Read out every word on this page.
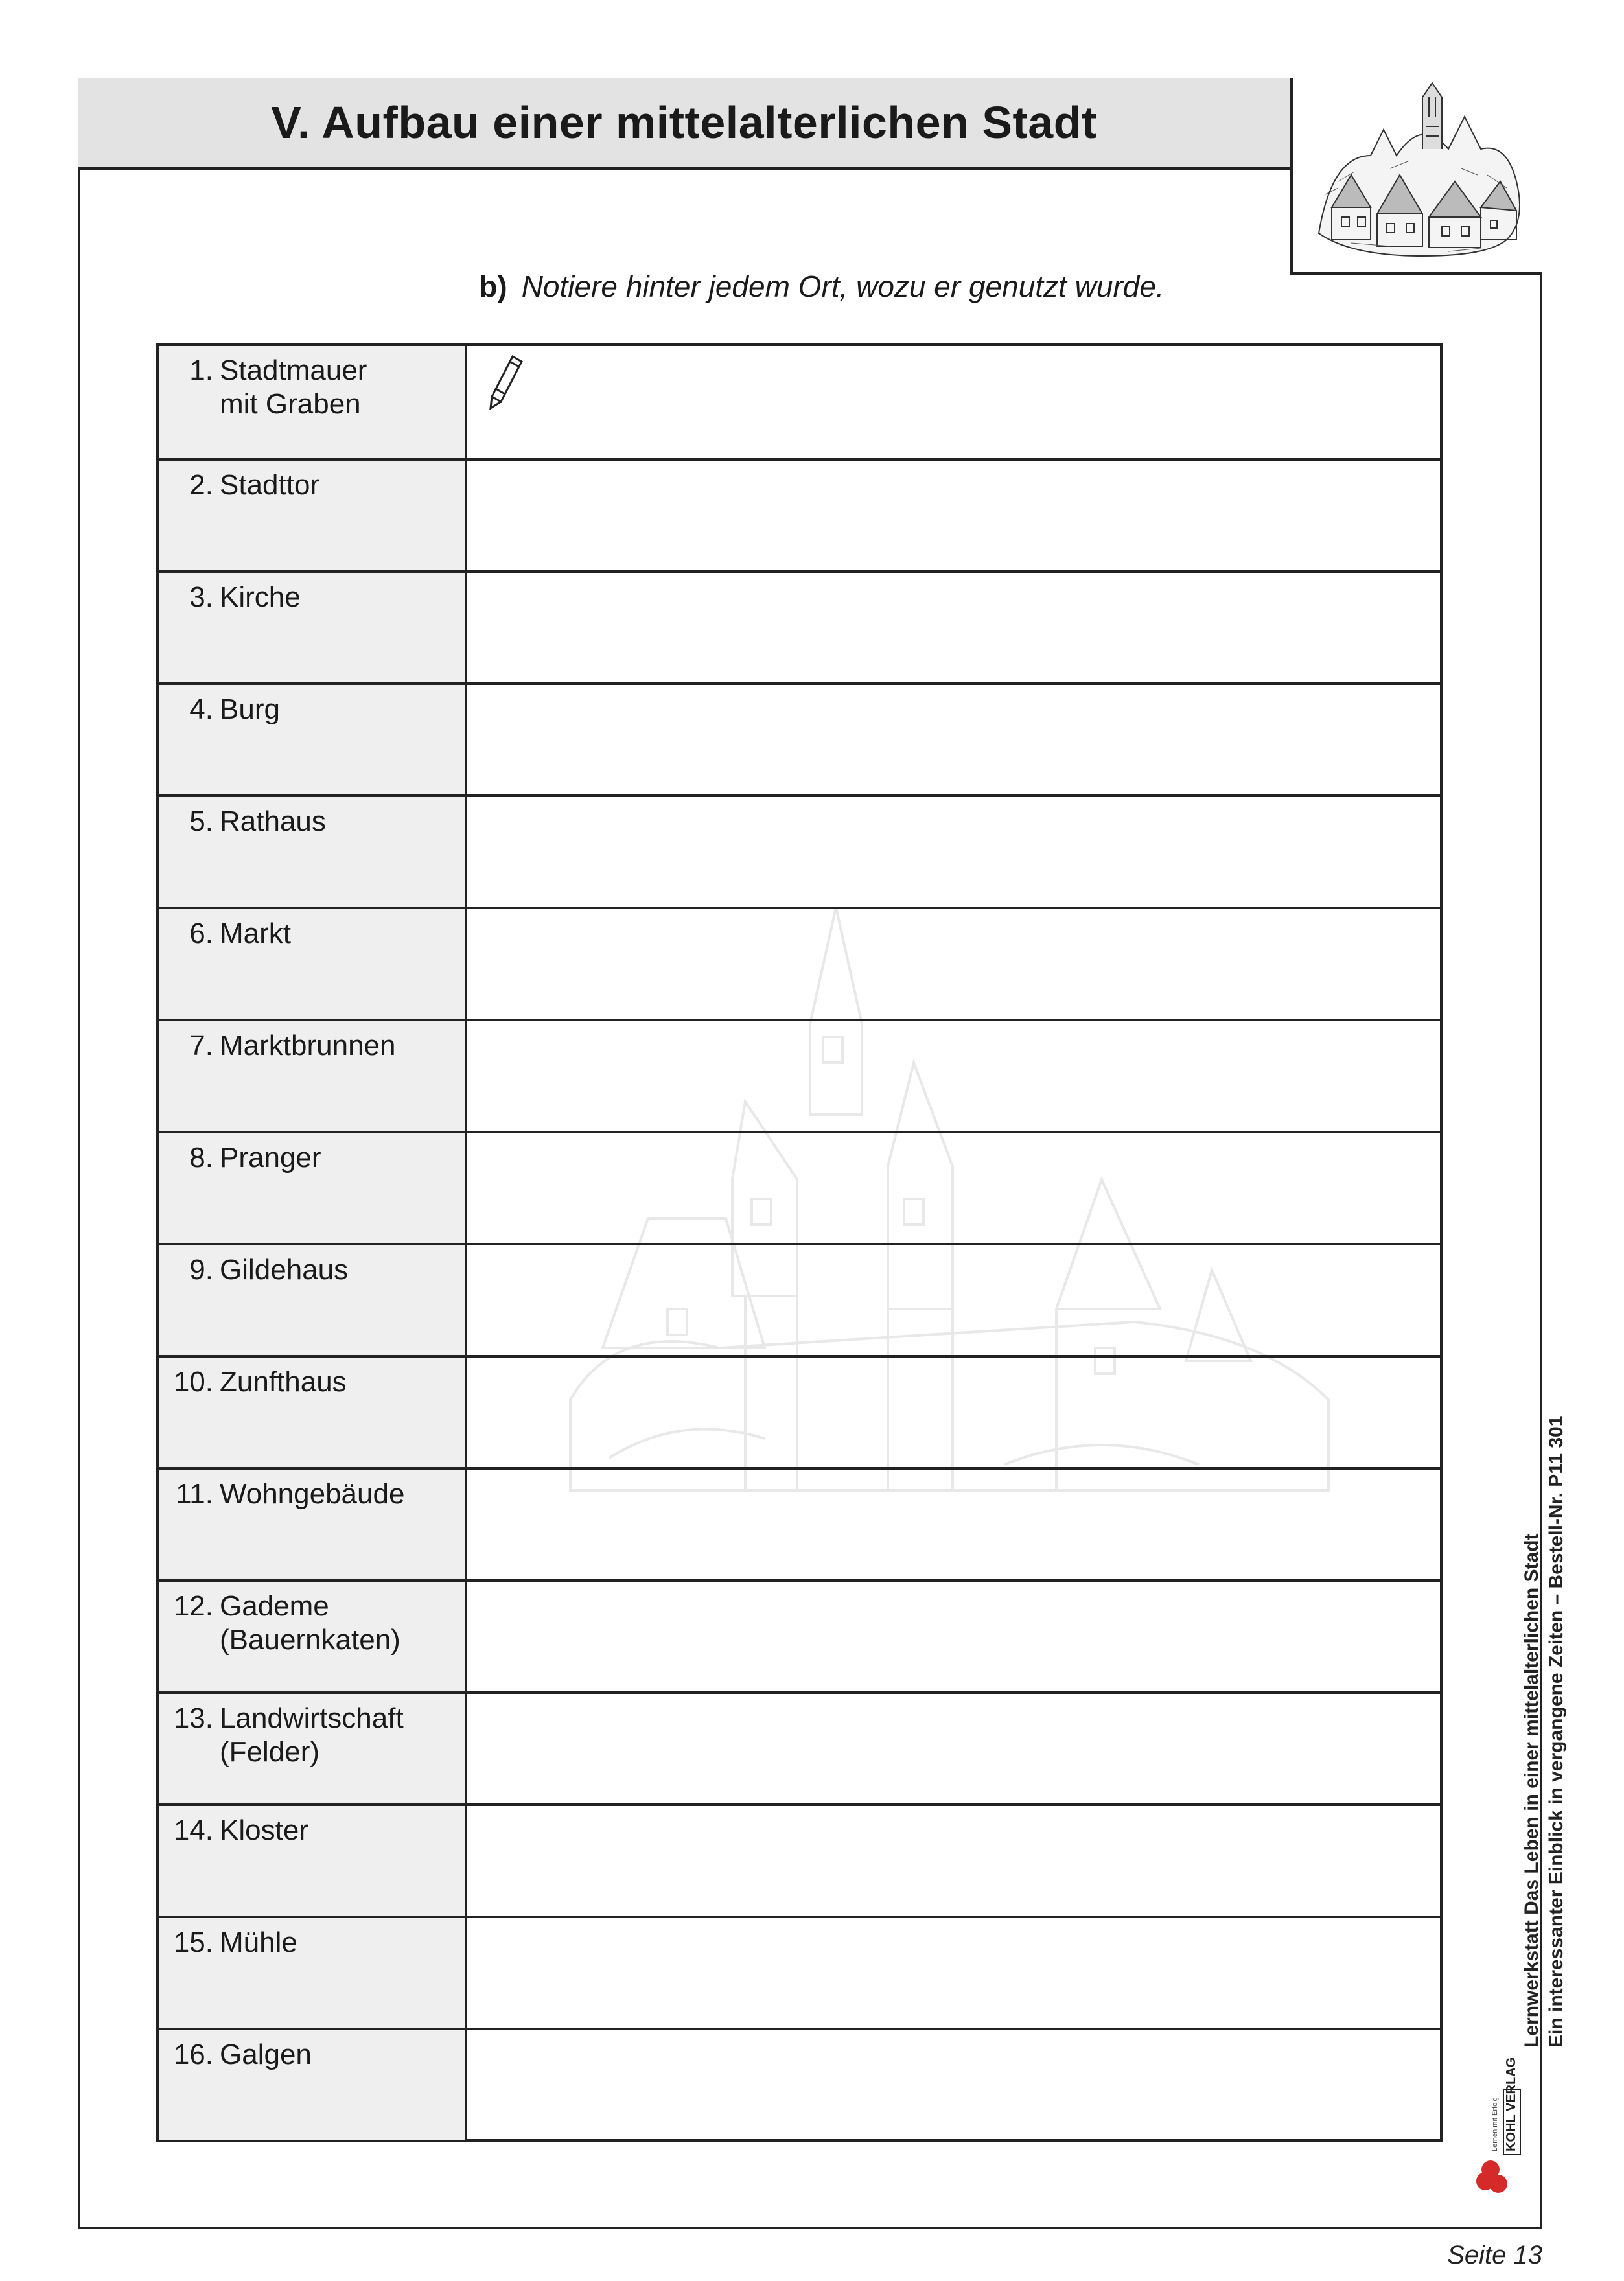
V. Aufbau einer mittelalterlichen Stadt
b) Notiere hinter jedem Ort, wozu er genutzt wurde.
1. Stadtmauer
mit Graben
2. Stadttor
3. Kirche
4. Burg
5. Rathaus
6. Markt
7. Marktbrunnen
8. Pranger
9. Gildehaus
10. Zunfthaus
11. Wohngebäude
12. Gademe
(Bauernkaten)
13. Landwirtschaft
(Felder)
14. Kloster
15. Mühle
16. Galgen
KOHL VERLAG
Lernen mit Erfolg
Lernwerkstatt Das Leben in einer mittelalterlichen Stadt Ein interessanter Einblick in vergangene Zeiten – Bestell-Nr. P11 301
Seite 13
